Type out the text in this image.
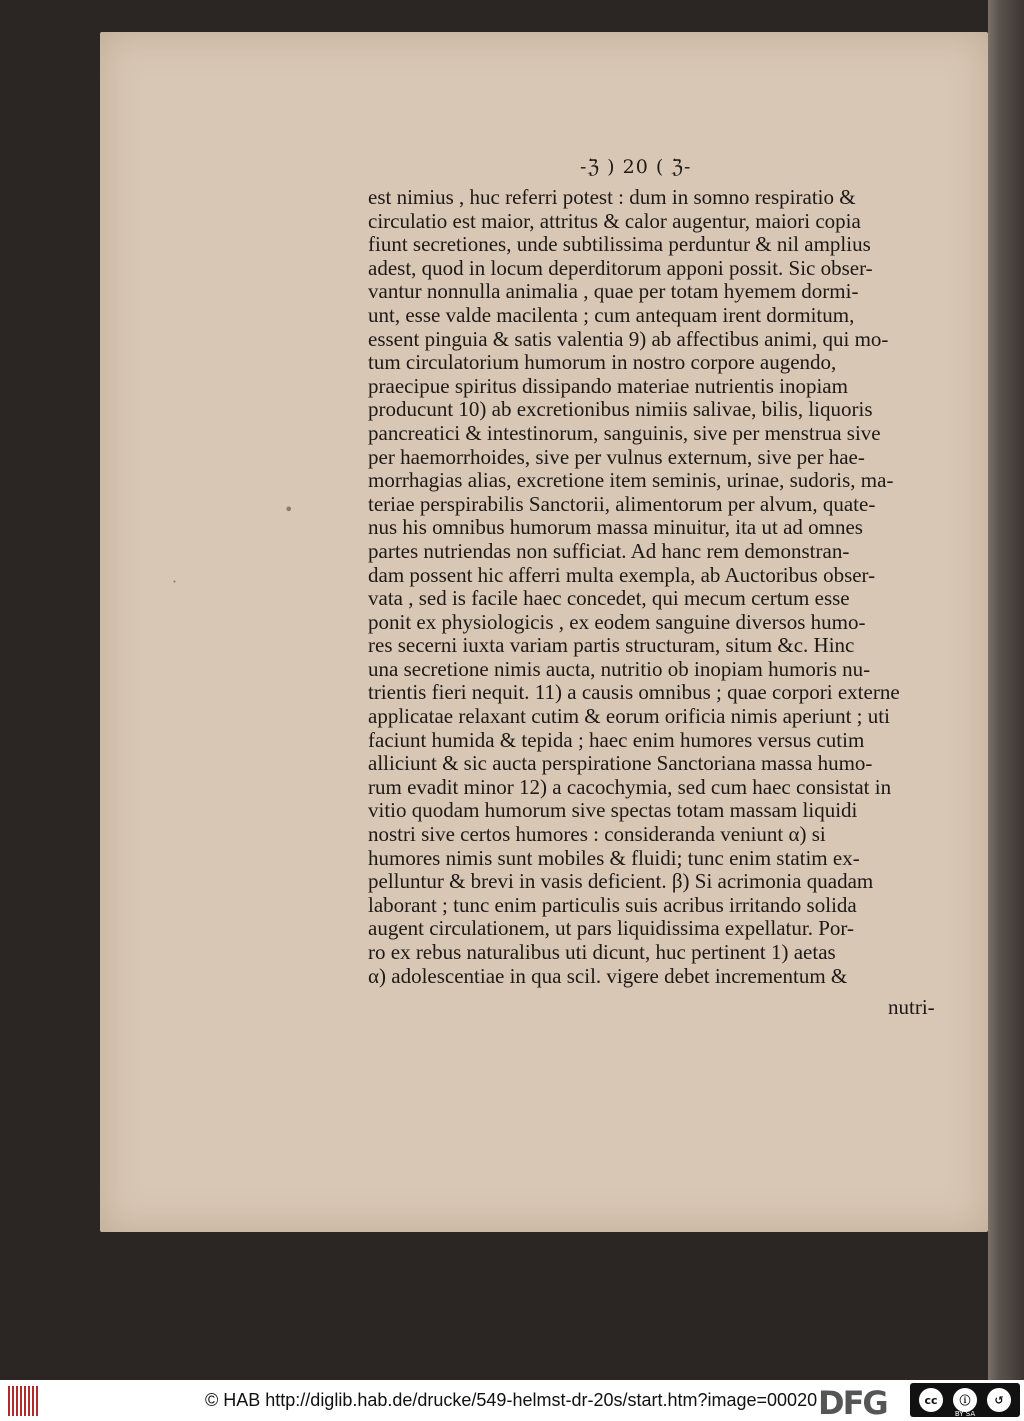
-ℨ ) 20 ( ℨ-
est nimius , huc referri potest : dum in somno respiratio &
circulatio est maior, attritus & calor augentur, maiori copia
fiunt secretiones, unde subtilissima perduntur & nil amplius
adest, quod in locum deperditorum apponi possit. Sic obser-
vantur nonnulla animalia , quae per totam hyemem dormi-
unt, esse valde macilenta ; cum antequam irent dormitum,
essent pinguia & satis valentia 9) ab affectibus animi, qui mo-
tum circulatorium humorum in nostro corpore augendo,
praecipue spiritus dissipando materiae nutrientis inopiam
producunt 10) ab excretionibus nimiis salivae, bilis, liquoris
pancreatici & intestinorum, sanguinis, sive per menstrua sive
per haemorrhoides, sive per vulnus externum, sive per hae-
morrhagias alias, excretione item seminis, urinae, sudoris, ma-
teriae perspirabilis Sanctorii, alimentorum per alvum, quate-
nus his omnibus humorum massa minuitur, ita ut ad omnes
partes nutriendas non sufficiat. Ad hanc rem demonstran-
dam possent hic afferri multa exempla, ab Auctoribus obser-
vata , sed is facile haec concedet, qui mecum certum esse
ponit ex physiologicis , ex eodem sanguine diversos humo-
res secerni iuxta variam partis structuram, situm &c. Hinc
una secretione nimis aucta, nutritio ob inopiam humoris nu-
trientis fieri nequit. 11) a causis omnibus ; quae corpori externe
applicatae relaxant cutim & eorum orificia nimis aperiunt ; uti
faciunt humida & tepida ; haec enim humores versus cutim
alliciunt & sic aucta perspiratione Sanctoriana massa humo-
rum evadit minor 12) a cacochymia, sed cum haec consistat in
vitio quodam humorum sive spectas totam massam liquidi
nostri sive certos humores : consideranda veniunt α) si
humores nimis sunt mobiles & fluidi; tunc enim statim ex-
pelluntur & brevi in vasis deficient. β) Si acrimonia quadam
laborant ; tunc enim particulis suis acribus irritando solida
augent circulationem, ut pars liquidissima expellatur. Por-
ro ex rebus naturalibus uti dicunt, huc pertinent 1) aetas
α) adolescentiae in qua scil. vigere debet incrementum &
nutri-
•
·
© HAB http://diglib.hab.de/drucke/549-helmst-dr-20s/start.htm?image=00020 DFG	cc	ⓘ	↺
BY SA
